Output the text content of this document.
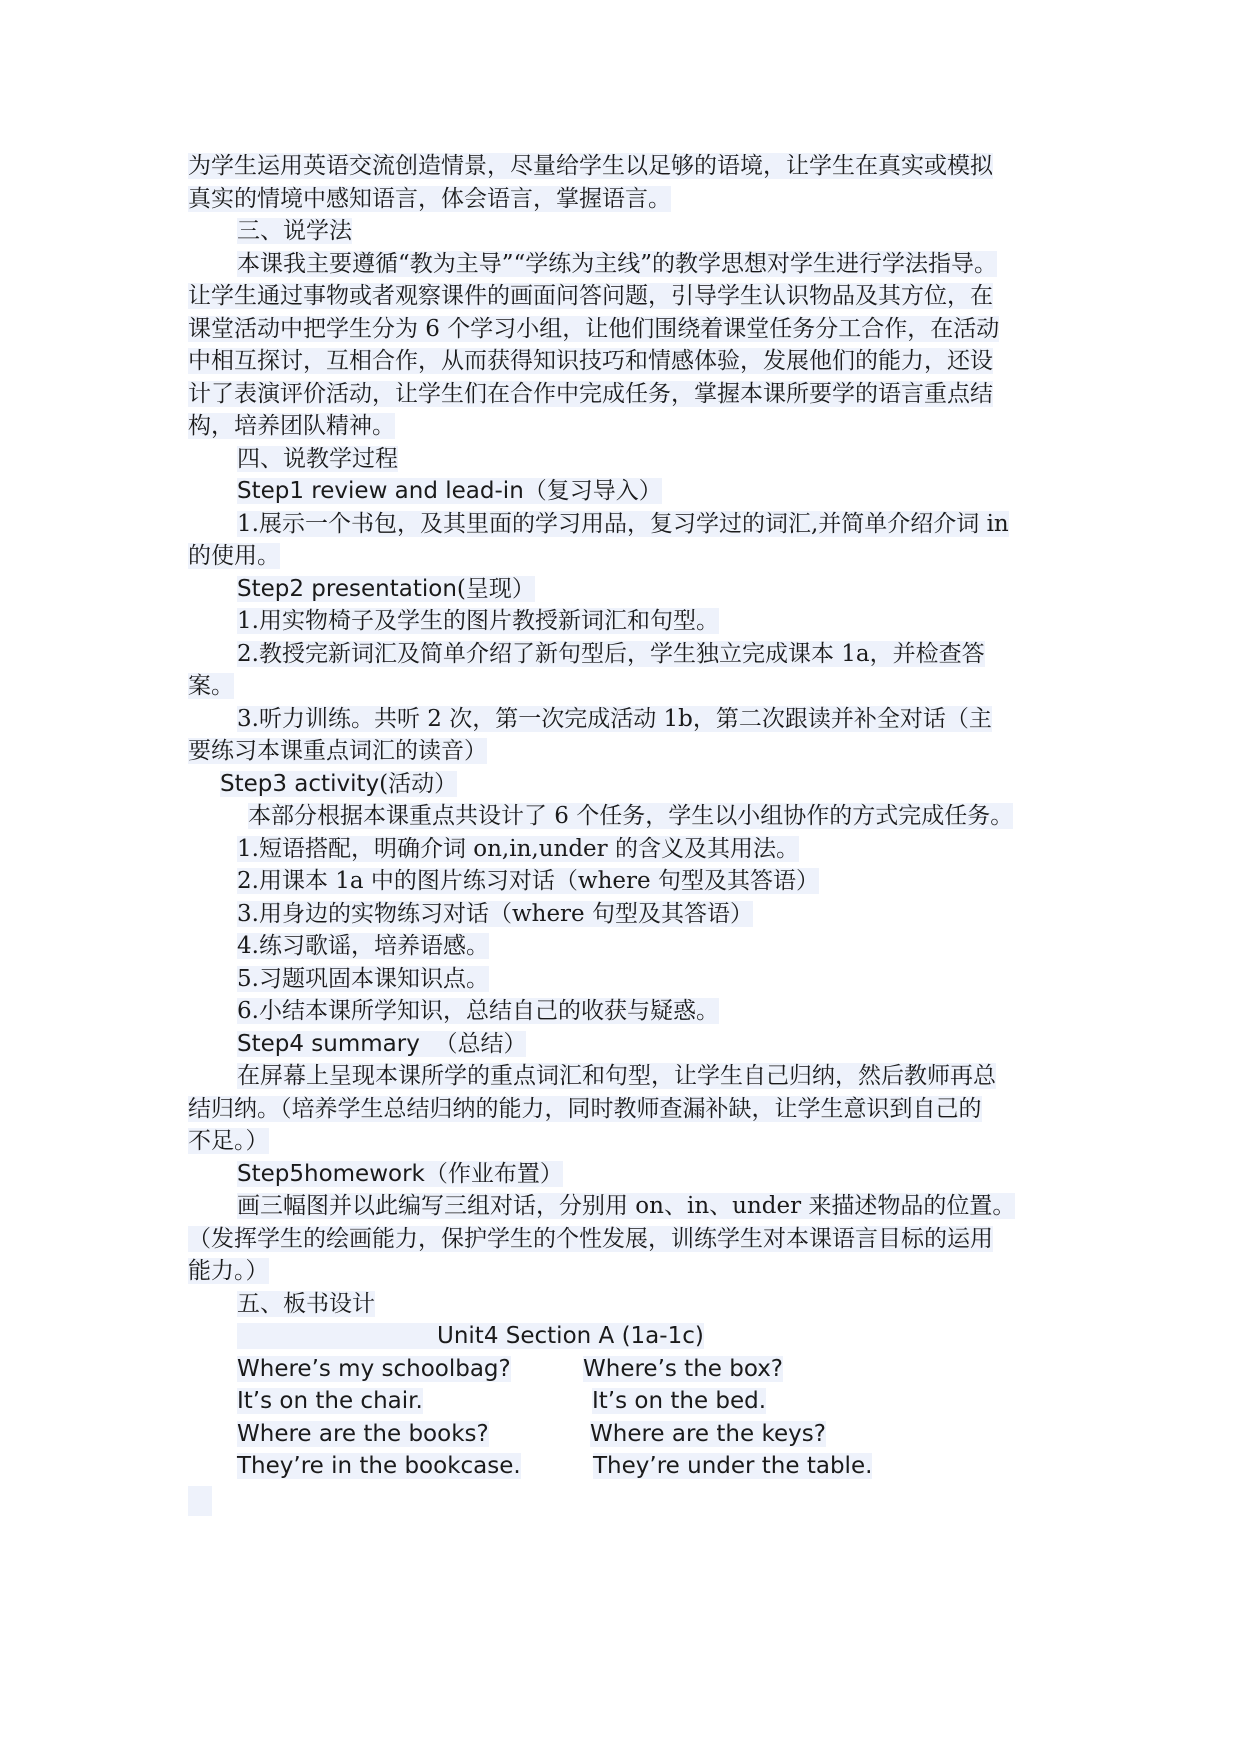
为学生运用英语交流创造情景，尽量给学生以足够的语境，让学生在真实或模拟
真实的情境中感知语言，体会语言，掌握语言。
三、说学法
本课我主要遵循“教为主导”“学练为主线”的教学思想对学生进行学法指导。
让学生通过事物或者观察课件的画面问答问题，引导学生认识物品及其方位，在
课堂活动中把学生分为 6 个学习小组，让他们围绕着课堂任务分工合作，在活动
中相互探讨，互相合作，从而获得知识技巧和情感体验，发展他们的能力，还设
计了表演评价活动，让学生们在合作中完成任务，掌握本课所要学的语言重点结
构，培养团队精神。
四、说教学过程
Step1 review and lead-in（复习导入）
1.展示一个书包，及其里面的学习用品，复习学过的词汇,并简单介绍介词 in
的使用。
Step2 presentation(呈现）
1.用实物椅子及学生的图片教授新词汇和句型。
2.教授完新词汇及简单介绍了新句型后，学生独立完成课本 1a，并检查答
案。
3.听力训练。共听 2 次，第一次完成活动 1b，第二次跟读并补全对话（主
要练习本课重点词汇的读音）
Step3 activity(活动）
本部分根据本课重点共设计了 6 个任务，学生以小组协作的方式完成任务。
1.短语搭配，明确介词 on,in,under 的含义及其用法。
2.用课本 1a 中的图片练习对话（where 句型及其答语）
3.用身边的实物练习对话（where 句型及其答语）
4.练习歌谣，培养语感。
5.习题巩固本课知识点。
6.小结本课所学知识，总结自己的收获与疑惑。
Step4 summary （总结）
在屏幕上呈现本课所学的重点词汇和句型，让学生自己归纳，然后教师再总
结归纳。（培养学生总结归纳的能力，同时教师查漏补缺，让学生意识到自己的
不足。）
Step5homework（作业布置）
画三幅图并以此编写三组对话，分别用 on、in、under 来描述物品的位置。
（发挥学生的绘画能力，保护学生的个性发展，训练学生对本课语言目标的运用
能力。）
五、板书设计
Unit4 Section A (1a-1c)
Where’s my schoolbag?	Where’s the box?
It’s on the chair.	It’s on the bed.
Where are the books?	Where are the keys?
They’re in the bookcase.	They’re under the table.
